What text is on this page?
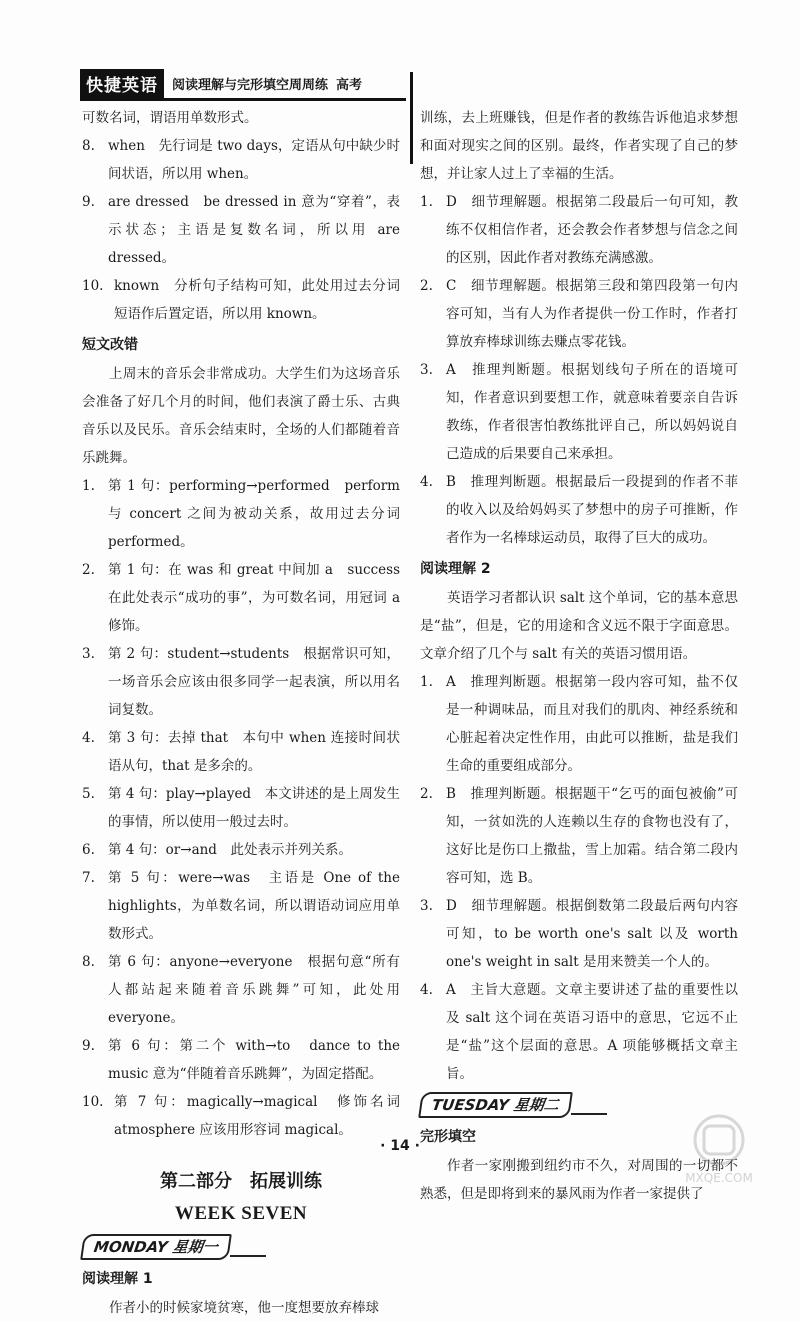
快捷英语	阅读理解与完形填空周周练 高考
可数名词，谓语用单数形式。
8. when　先行词是 two days，定语从句中缺少时间状语，所以用 when。
9. are dressed　be dressed in 意为“穿着”，表示状态；主语是复数名词，所以用 are dressed。
10. known　分析句子结构可知，此处用过去分词短语作后置定语，所以用 known。
短文改错
上周末的音乐会非常成功。大学生们为这场音乐会准备了好几个月的时间，他们表演了爵士乐、古典音乐以及民乐。音乐会结束时，全场的人们都随着音乐跳舞。
1. 第 1 句：performing→performed　perform 与 concert 之间为被动关系，故用过去分词 performed。
2. 第 1 句：在 was 和 great 中间加 a　success 在此处表示“成功的事”，为可数名词，用冠词 a 修饰。
3. 第 2 句：student→students　根据常识可知，一场音乐会应该由很多同学一起表演，所以用名词复数。
4. 第 3 句：去掉 that　本句中 when 连接时间状语从句，that 是多余的。
5. 第 4 句：play→played　本文讲述的是上周发生的事情，所以使用一般过去时。
6. 第 4 句：or→and　此处表示并列关系。
7. 第 5 句：were→was　主语是 One of the highlights，为单数名词，所以谓语动词应用单数形式。
8. 第 6 句：anyone→everyone　根据句意“所有人都站起来随着音乐跳舞”可知，此处用 everyone。
9. 第 6 句：第二个 with→to　dance to the music 意为“伴随着音乐跳舞”，为固定搭配。
10. 第 7 句：magically→magical　修饰名词 atmosphere 应该用形容词 magical。
第二部分　拓展训练
WEEK SEVEN
MONDAY 星期一
阅读理解 1
作者小的时候家境贫寒，他一度想要放弃棒球
训练，去上班赚钱，但是作者的教练告诉他追求梦想和面对现实之间的区别。最终，作者实现了自己的梦想，并让家人过上了幸福的生活。
1. D　细节理解题。根据第二段最后一句可知，教练不仅相信作者，还会教会作者梦想与信念之间的区别，因此作者对教练充满感激。
2. C　细节理解题。根据第三段和第四段第一句内容可知，当有人为作者提供一份工作时，作者打算放弃棒球训练去赚点零花钱。
3. A　推理判断题。根据划线句子所在的语境可知，作者意识到要想工作，就意味着要亲自告诉教练，作者很害怕教练批评自己，所以妈妈说自己造成的后果要自己来承担。
4. B　推理判断题。根据最后一段提到的作者不菲的收入以及给妈妈买了梦想中的房子可推断，作者作为一名棒球运动员，取得了巨大的成功。
阅读理解 2
英语学习者都认识 salt 这个单词，它的基本意思是“盐”，但是，它的用途和含义远不限于字面意思。文章介绍了几个与 salt 有关的英语习惯用语。
1. A　推理判断题。根据第一段内容可知，盐不仅是一种调味品，而且对我们的肌肉、神经系统和心脏起着决定性作用，由此可以推断，盐是我们生命的重要组成部分。
2. B　推理判断题。根据题干“乞丐的面包被偷”可知，一贫如洗的人连赖以生存的食物也没有了，这好比是伤口上撒盐，雪上加霜。结合第二段内容可知，选 B。
3. D　细节理解题。根据倒数第二段最后两句内容可知，to be worth one's salt 以及 worth one's weight in salt 是用来赞美一个人的。
4. A　主旨大意题。文章主要讲述了盐的重要性以及 salt 这个词在英语习语中的意思，它远不止是“盐”这个层面的意思。A 项能够概括文章主旨。
TUESDAY 星期二
完形填空
作者一家刚搬到纽约市不久，对周围的一切都不熟悉，但是即将到来的暴风雨为作者一家提供了
· 14 ·
MXQE.COM
